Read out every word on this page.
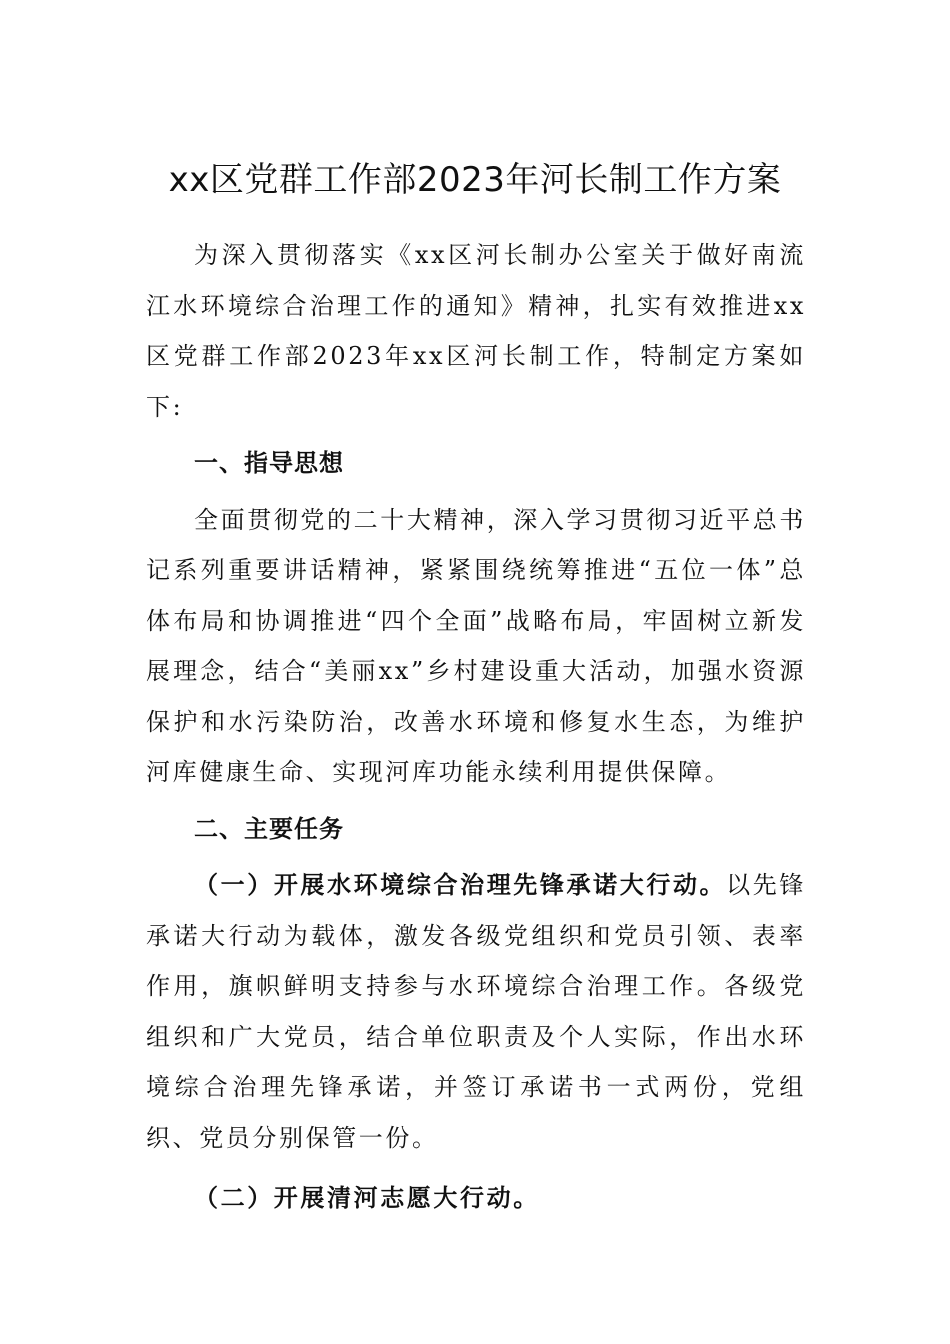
xx区党群工作部2023年河长制工作方案

为深入贯彻落实《xx区河长制办公室关于做好南流江水环境综合治理工作的通知》精神，扎实有效推进xx区党群工作部2023年xx区河长制工作，特制定方案如下:

一、指导思想

全面贯彻党的二十大精神，深入学习贯彻习近平总书记系列重要讲话精神，紧紧围绕统筹推进“五位一体”总体布局和协调推进“四个全面”战略布局，牢固树立新发展理念，结合“美丽xx”乡村建设重大活动，加强水资源保护和水污染防治，改善水环境和修复水生态，为维护河库健康生命、实现河库功能永续利用提供保障。

二、主要任务

（一）开展水环境综合治理先锋承诺大行动。以先锋承诺大行动为载体，激发各级党组织和党员引领、表率作用，旗帜鲜明支持参与水环境综合治理工作。各级党组织和广大党员，结合单位职责及个人实际，作出水环境综合治理先锋承诺，并签订承诺书一式两份，党组织、党员分别保管一份。

（二）开展清河志愿大行动。
